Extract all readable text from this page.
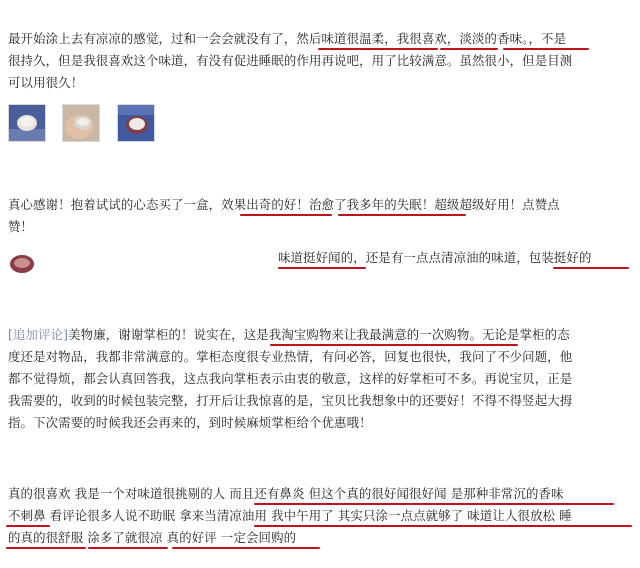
最开始涂上去有凉凉的感觉，过和一会会就没有了，然后味道很温柔，我很喜欢，淡淡的香味。，不是
很持久，但是我很喜欢这个味道，有没有促进睡眠的作用再说吧，用了比较满意。虽然很小，但是目测
可以用很久！
真心感谢！抱着试试的心态买了一盒，效果出奇的好！治愈了我多年的失眠！超级超级好用！点赞点
赞！
味道挺好闻的，还是有一点点清凉油的味道，包装挺好的
[追加评论]美物廉，谢谢掌柜的！说实在，这是我淘宝购物来让我最满意的一次购物。无论是掌柜的态
度还是对物品，我都非常满意的。掌柜态度很专业热情，有问必答，回复也很快，我问了不少问题，他
都不觉得烦，都会认真回答我，这点我向掌柜表示由衷的敬意，这样的好掌柜可不多。再说宝贝，正是
我需要的，收到的时候包装完整，打开后让我惊喜的是，宝贝比我想象中的还要好！不得不得竖起大拇
指。下次需要的时候我还会再来的，到时候麻烦掌柜给个优惠哦！
真的很喜欢 我是一个对味道很挑剔的人 而且还有鼻炎 但这个真的很好闻很好闻 是那种非常沉的香味
不刺鼻 看评论很多人说不助眠 拿来当清凉油用 我中午用了 其实只涂一点点就够了 味道让人很放松 睡
的真的很舒服 涂多了就很凉 真的好评 一定会回购的
